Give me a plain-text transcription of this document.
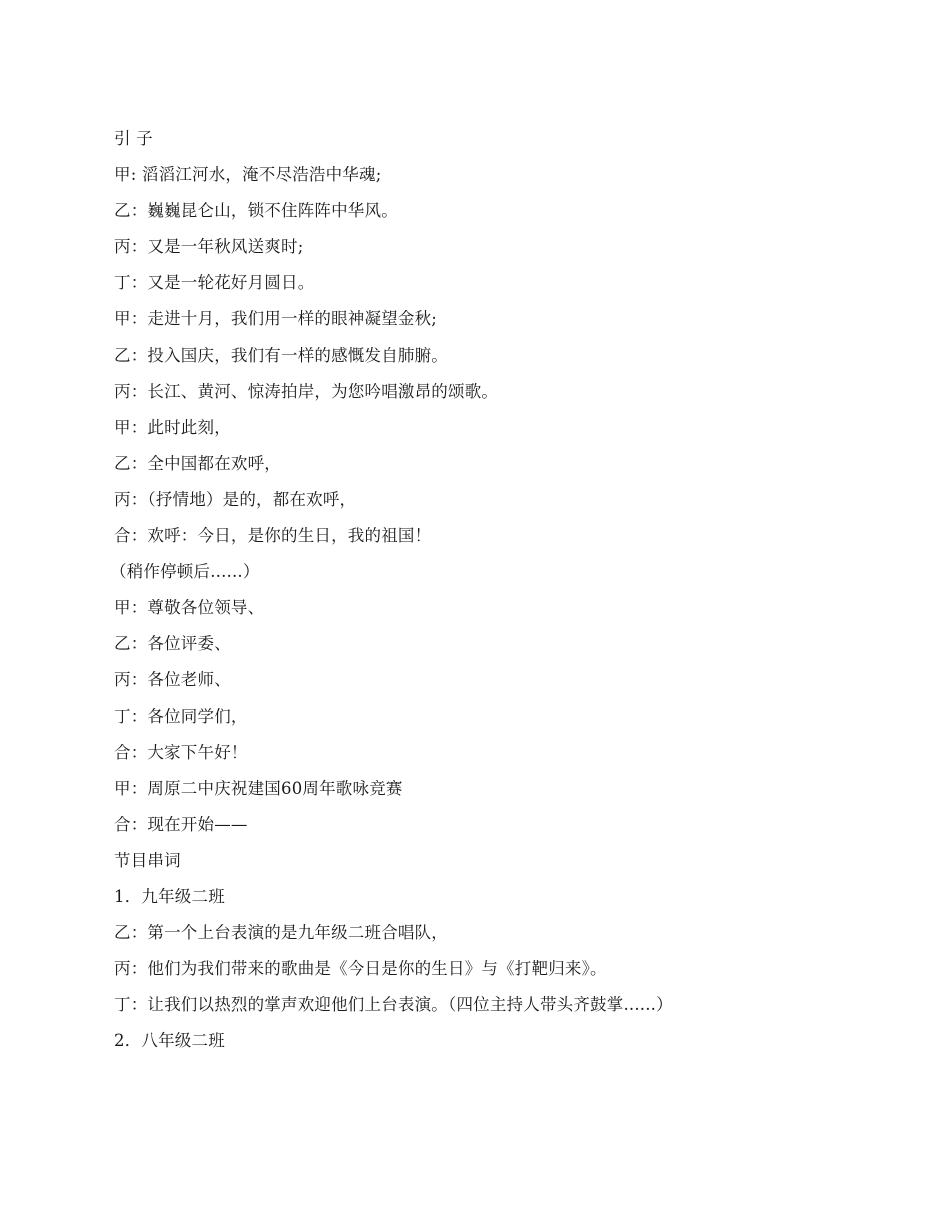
引 子
甲: 滔滔江河水，淹不尽浩浩中华魂;
乙：巍巍昆仑山，锁不住阵阵中华风。
丙：又是一年秋风送爽时;
丁：又是一轮花好月圆日。
甲：走进十月，我们用一样的眼神凝望金秋;
乙：投入国庆，我们有一样的感慨发自肺腑。
丙：长江、黄河、惊涛拍岸，为您吟唱激昂的颂歌。
甲：此时此刻，
乙：全中国都在欢呼，
丙：（抒情地）是的，都在欢呼，
合：欢呼：今日，是你的生日，我的祖国！
（稍作停顿后......）
甲：尊敬各位领导、
乙：各位评委、
丙：各位老师、
丁：各位同学们，
合：大家下午好！
甲：周原二中庆祝建国60周年歌咏竞赛
合：现在开始——
节目串词
1．九年级二班
乙：第一个上台表演的是九年级二班合唱队，
丙：他们为我们带来的歌曲是《今日是你的生日》与《打靶归来》。
丁：让我们以热烈的掌声欢迎他们上台表演。（四位主持人带头齐鼓掌......）
2．八年级二班
